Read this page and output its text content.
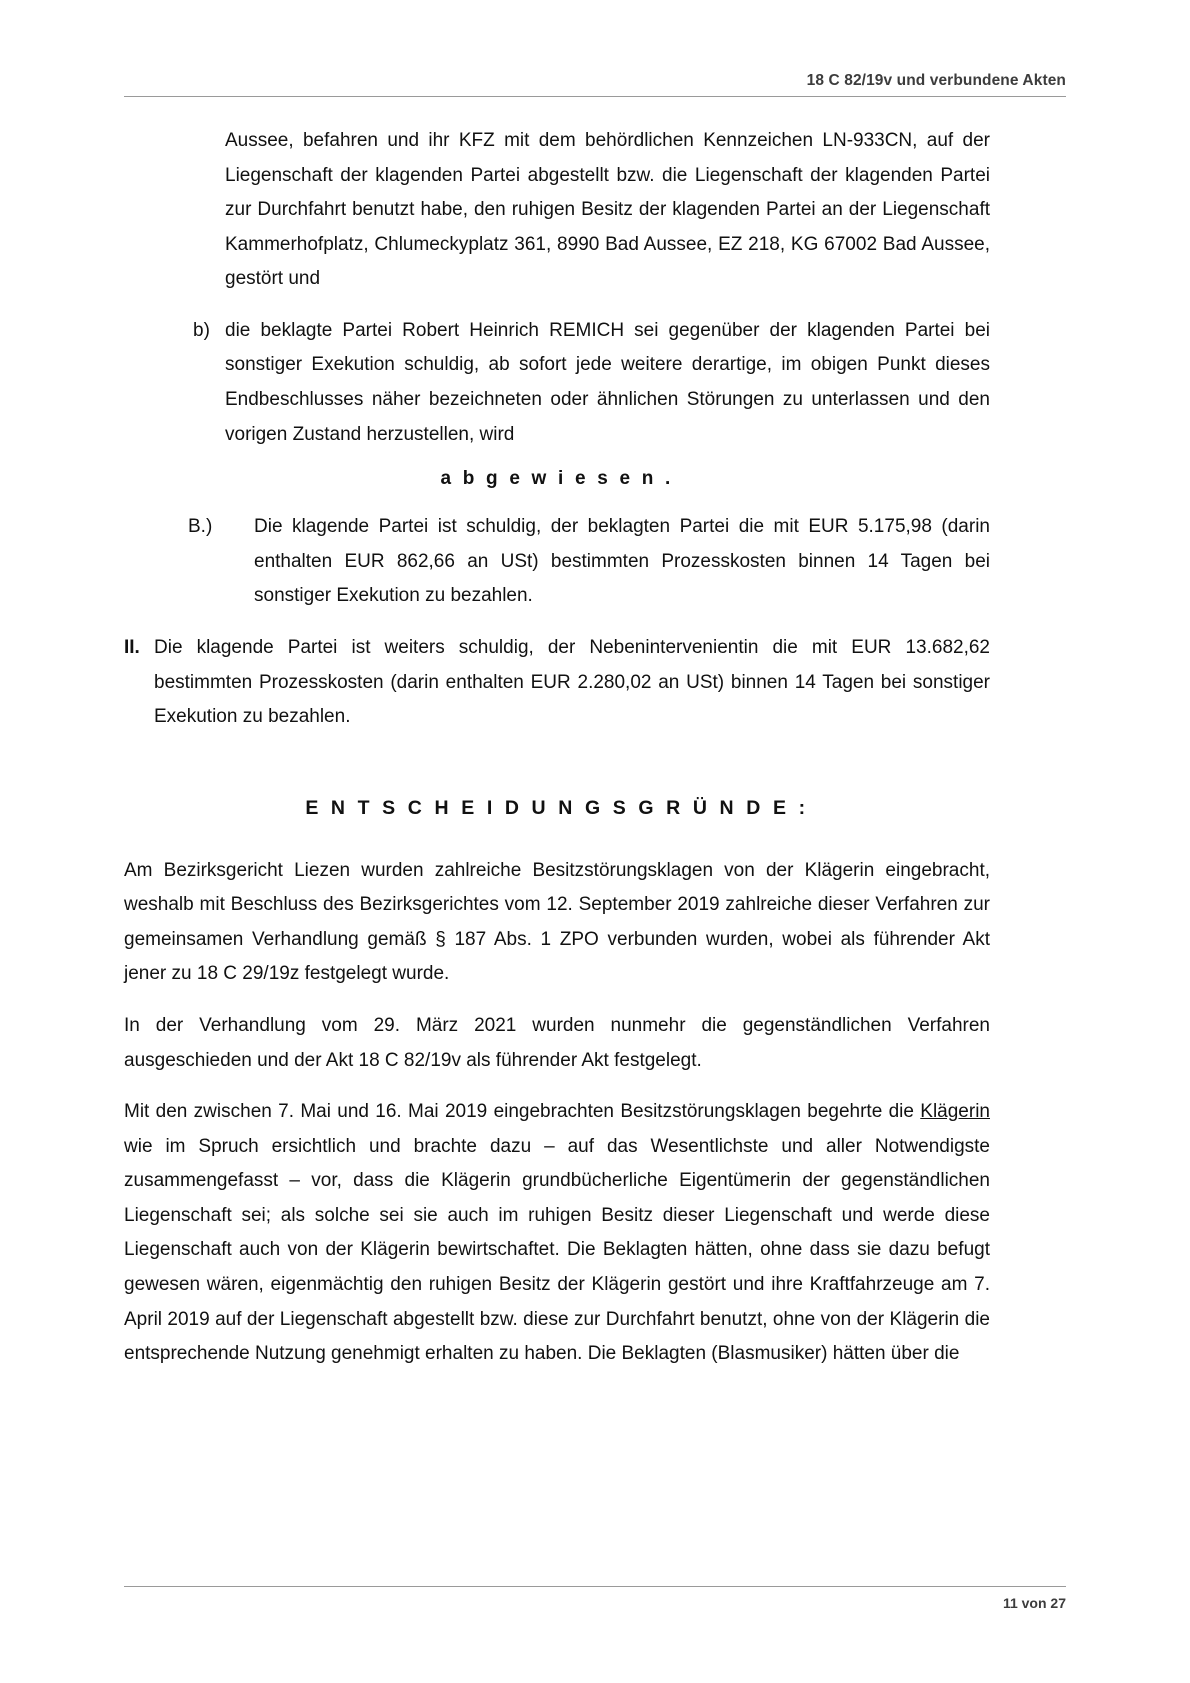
18 C 82/19v und verbundene Akten

Aussee, befahren und ihr KFZ mit dem behördlichen Kennzeichen LN-933CN, auf der Liegenschaft der klagenden Partei abgestellt bzw. die Liegenschaft der klagenden Partei zur Durchfahrt benutzt habe, den ruhigen Besitz der klagenden Partei an der Liegenschaft Kammerhofplatz, Chlumeckyplatz 361, 8990 Bad Aussee, EZ 218, KG 67002 Bad Aussee, gestört und

b) die beklagte Partei Robert Heinrich REMICH sei gegenüber der klagenden Partei bei sonstiger Exekution schuldig, ab sofort jede weitere derartige, im obigen Punkt dieses Endbeschlusses näher bezeichneten oder ähnlichen Störungen zu unterlassen und den vorigen Zustand herzustellen, wird

a b g e w i e s e n .
B.)	Die klagende Partei ist schuldig, der beklagten Partei die mit EUR 5.175,98 (darin enthalten EUR 862,66 an USt) bestimmten Prozesskosten binnen 14 Tagen bei sonstiger Exekution zu bezahlen.

II. Die klagende Partei ist weiters schuldig, der Nebenintervenientin die mit EUR 13.682,62 bestimmten Prozesskosten (darin enthalten EUR 2.280,02 an USt) binnen 14 Tagen bei sonstiger Exekution zu bezahlen.

E N T S C H E I D U N G S G R Ü N D E :

Am Bezirksgericht Liezen wurden zahlreiche Besitzstörungsklagen von der Klägerin eingebracht, weshalb mit Beschluss des Bezirksgerichtes vom 12. September 2019 zahlreiche dieser Verfahren zur gemeinsamen Verhandlung gemäß § 187 Abs. 1 ZPO verbunden wurden, wobei als führender Akt jener zu 18 C 29/19z festgelegt wurde.

In der Verhandlung vom 29. März 2021 wurden nunmehr die gegenständlichen Verfahren ausgeschieden und der Akt 18 C 82/19v als führender Akt festgelegt.

Mit den zwischen 7. Mai und 16. Mai 2019 eingebrachten Besitzstörungsklagen begehrte die Klägerin wie im Spruch ersichtlich und brachte dazu – auf das Wesentlichste und aller Notwendigste zusammengefasst – vor, dass die Klägerin grundbücherliche Eigentümerin der gegenständlichen Liegenschaft sei; als solche sei sie auch im ruhigen Besitz dieser Liegenschaft und werde diese Liegenschaft auch von der Klägerin bewirtschaftet. Die Beklagten hätten, ohne dass sie dazu befugt gewesen wären, eigenmächtig den ruhigen Besitz der Klägerin gestört und ihre Kraftfahrzeuge am 7. April 2019 auf der Liegenschaft abgestellt bzw. diese zur Durchfahrt benutzt, ohne von der Klägerin die entsprechende Nutzung genehmigt erhalten zu haben. Die Beklagten (Blasmusiker) hätten über die

11 von 27
